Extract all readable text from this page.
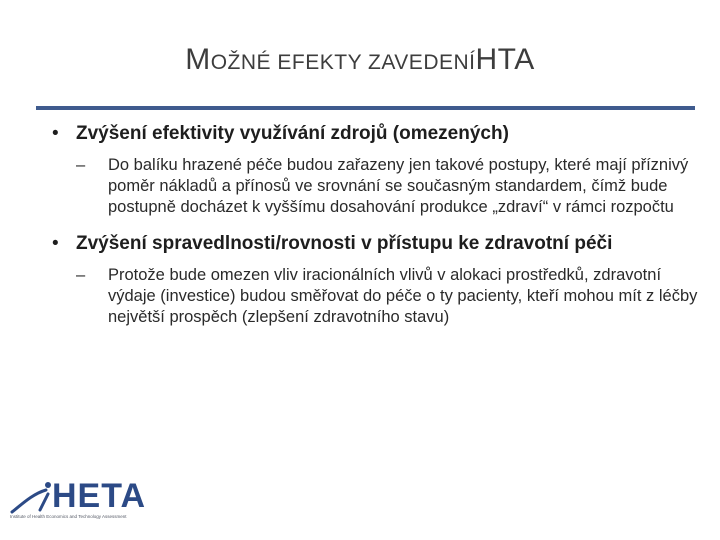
MOŽNÉ EFEKTY ZAVEDENÍHTA
• Zvýšení efektivity využívání zdrojů (omezených)
– Do balíku hrazené péče budou zařazeny jen takové postupy, které mají příznivý poměr nákladů a přínosů ve srovnání se současným standardem, čímž bude postupně docházet k vyššímu dosahování produkce „zdraví“ v rámci rozpočtu
• Zvýšení spravedlnosti/rovnosti v přístupu ke zdravotní péči
– Protože bude omezen vliv iracionálních vlivů v alokaci prostředků, zdravotní výdaje (investice) budou směřovat do péče o ty pacienty, kteří mohou mít z léčby největší prospěch (zlepšení zdravotního stavu)
HETA
Institute of Health Economics and Technology Assessment
